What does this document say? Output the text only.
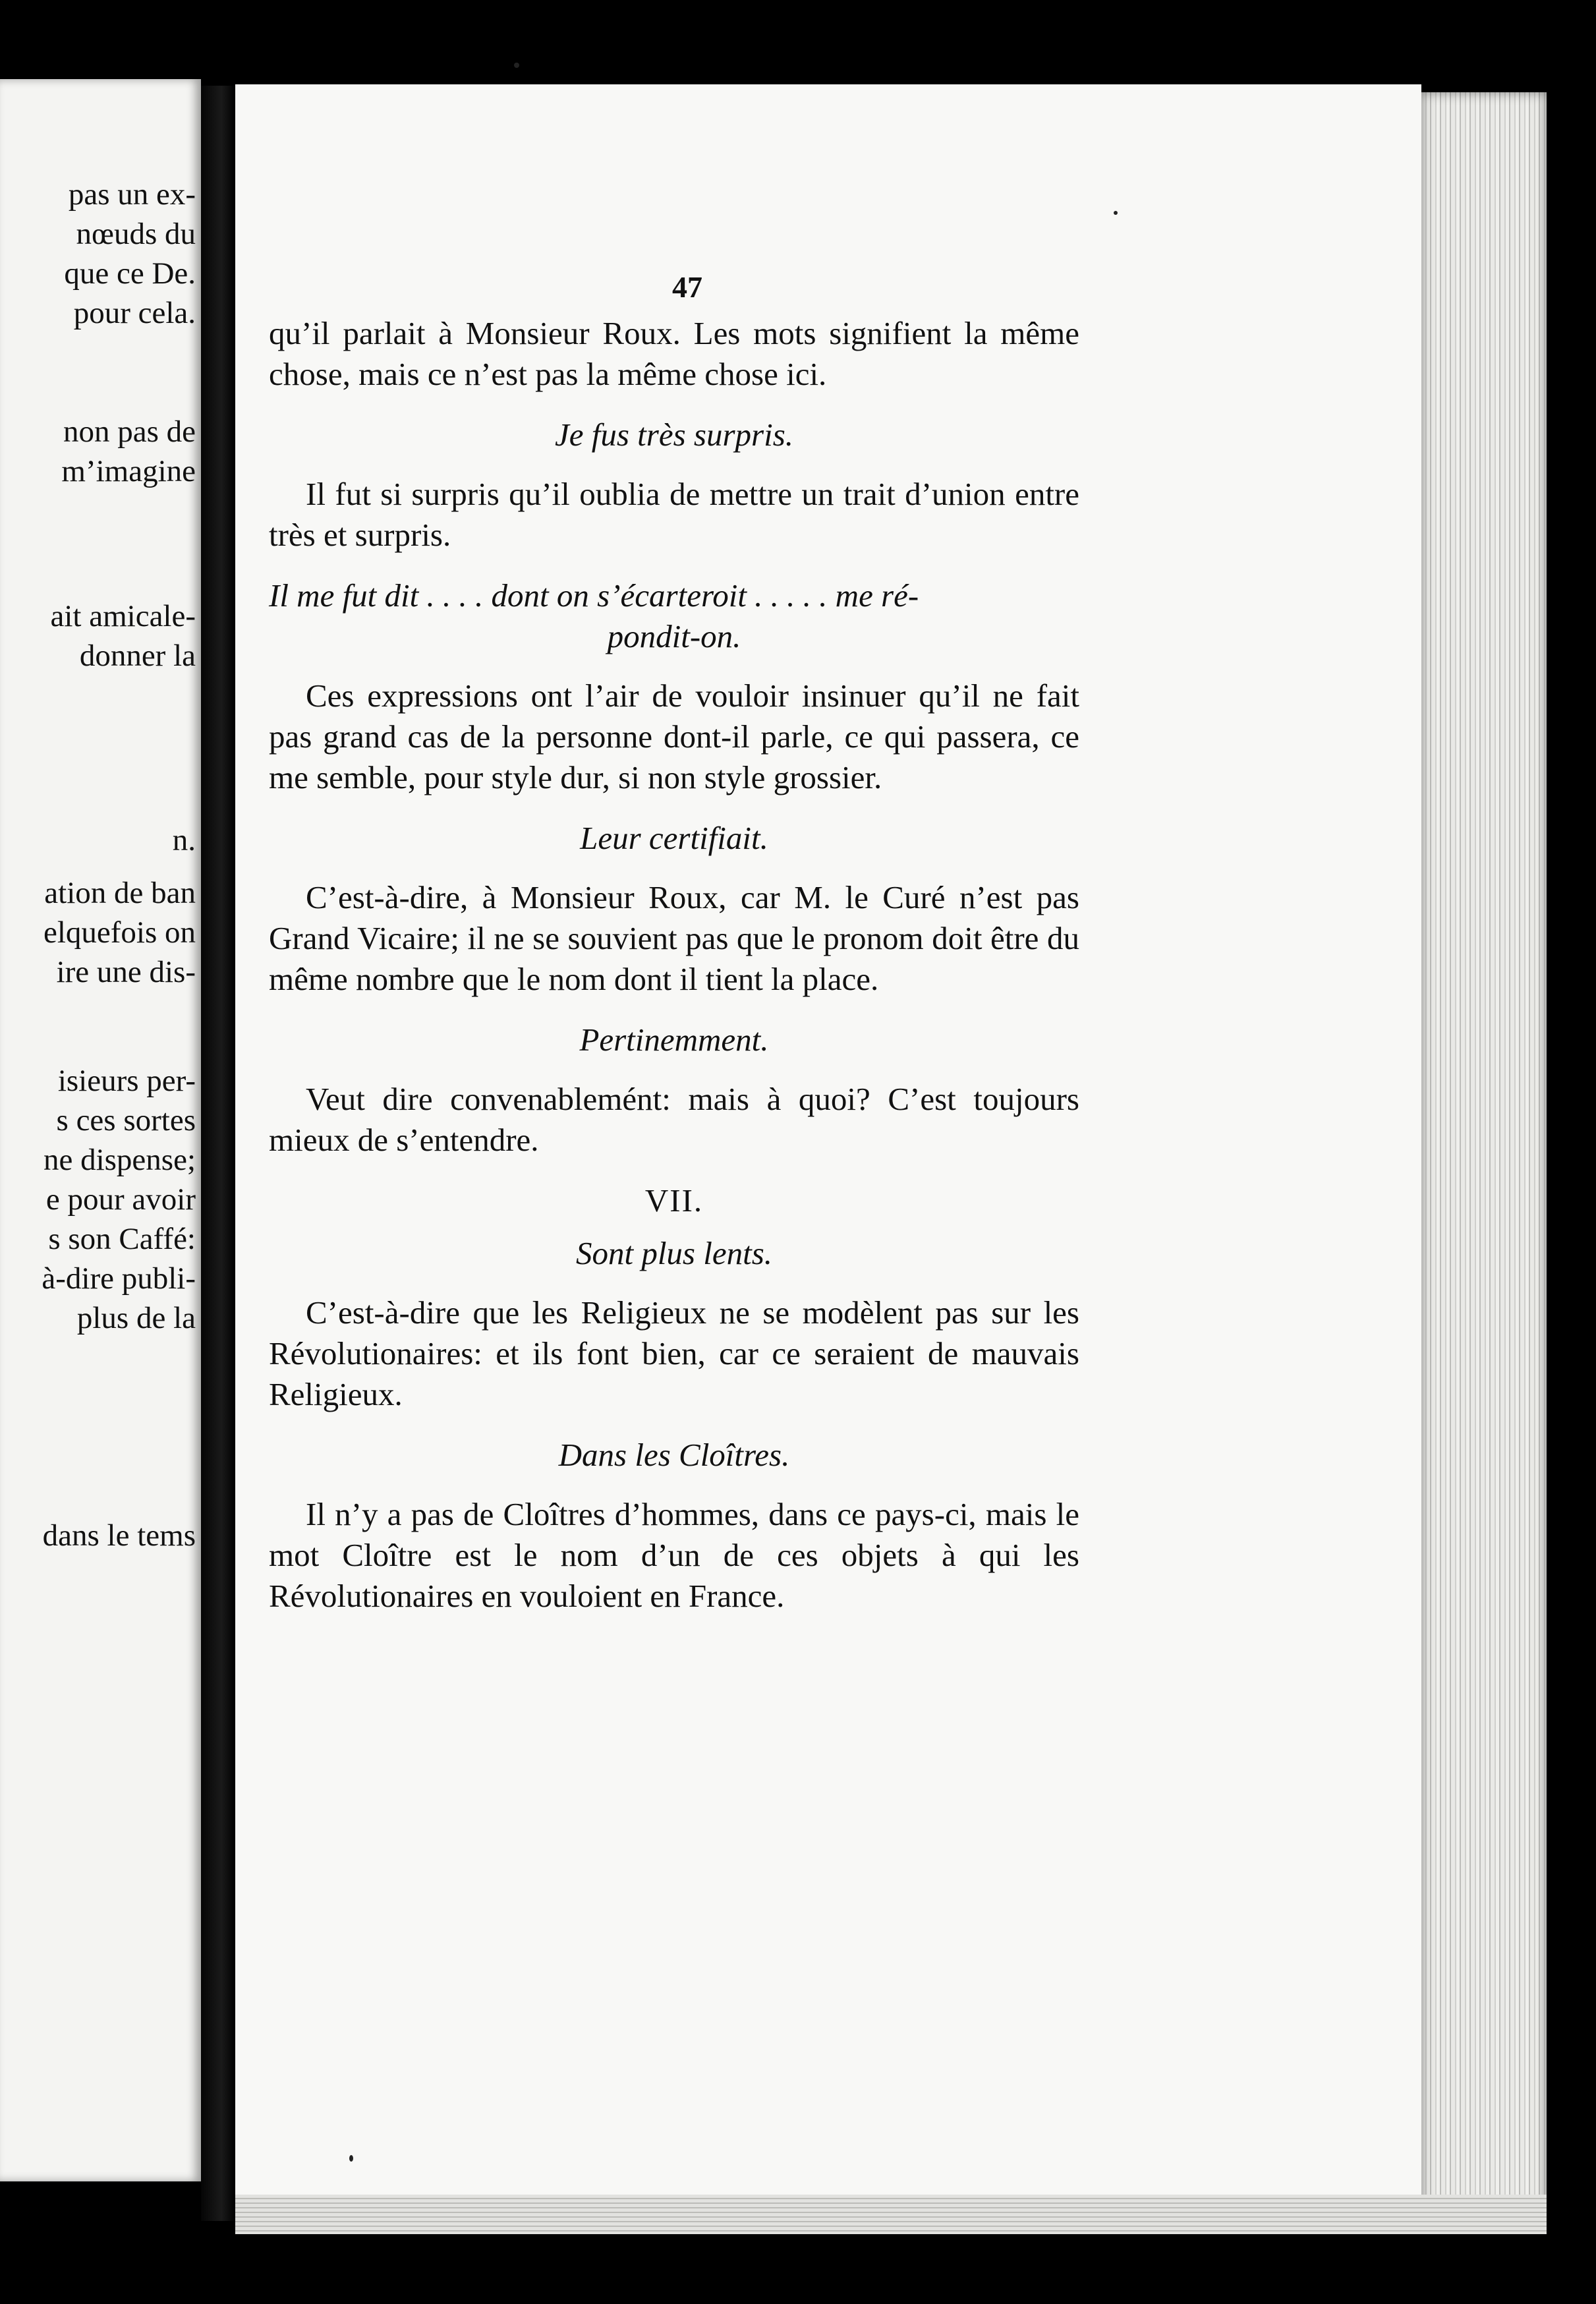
pas un ex-
nœuds du
que ce De.
pour cela.
non pas de
m’imagine
ait amicale-
donner la
n.
ation de ban
elquefois on
ire une dis-
isieurs per-
s ces sortes
ne dispense;
e pour avoir
s son Caffé:
à-dire publi-
plus de la
dans le tems
47

qu’il parlait à Monsieur Roux. Les mots signifient la même chose, mais ce n’est pas la même chose ici.

Je fus très surpris.

Il fut si surpris qu’il oublia de mettre un trait d’union entre très et surpris.

Il me fut dit . . . . dont on s’écarteroit . . . . . me ré-
pondit-on.

Ces expressions ont l’air de vouloir insinuer qu’il ne fait pas grand cas de la personne dont-il parle, ce qui passera, ce me semble, pour style dur, si non style grossier.

Leur certifiait.

C’est-à-dire, à Monsieur Roux, car M. le Curé n’est pas Grand Vicaire; il ne se souvient pas que le pronom doit être du même nombre que le nom dont il tient la place.

Pertinemment.

Veut dire convenablemént: mais à quoi? C’est toujours mieux de s’entendre.

VII.
Sont plus lents.

C’est-à-dire que les Religieux ne se modèlent pas sur les Révolutionaires: et ils font bien, car ce seraient de mauvais Religieux.

Dans les Cloîtres.

Il n’y a pas de Cloîtres d’hommes, dans ce pays-ci, mais le mot Cloître est le nom d’un de ces objets à qui les Révolutionaires en vouloient en France.
